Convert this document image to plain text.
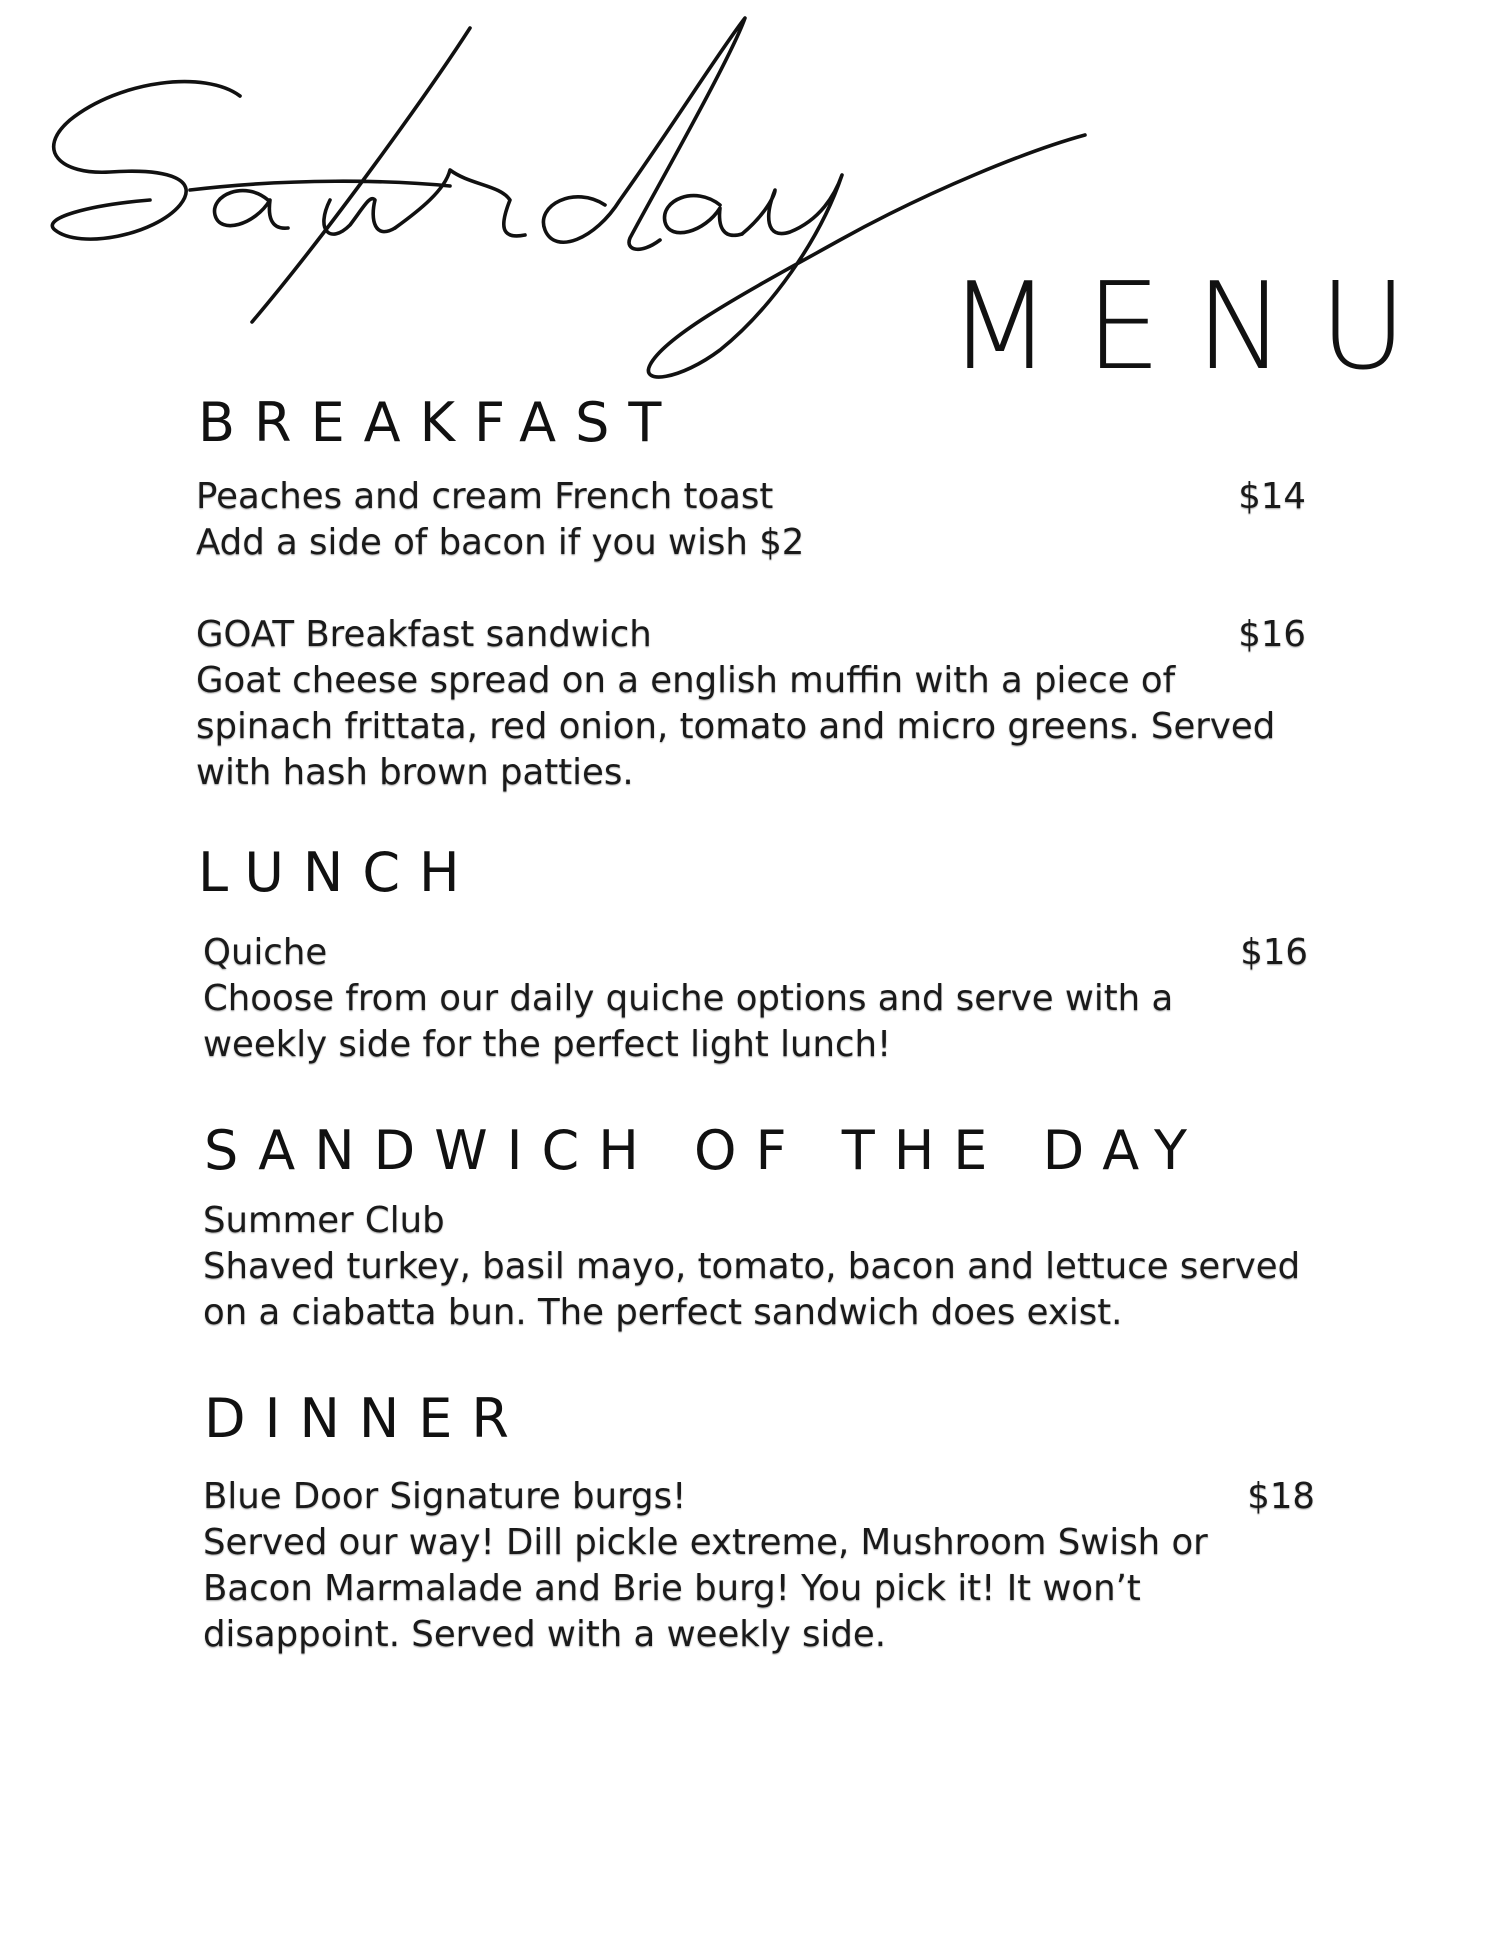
MENU
BREAKFAST
Peaches and cream French toast	$14

Add a side of bacon if you wish $2

GOAT Breakfast sandwich	$16

Goat cheese spread on a english muffin with a piece of spinach frittata, red onion, tomato and micro greens. Served with hash brown patties.

LUNCH
Quiche	$16

Choose from our daily quiche options and serve with a weekly side for the perfect light lunch!

SANDWICH OF THE DAY
Summer Club

Shaved turkey, basil mayo, tomato, bacon and lettuce served on a ciabatta bun. The perfect sandwich does exist.

DINNER
Blue Door Signature burgs!	$18

Served our way! Dill pickle extreme, Mushroom Swish or Bacon Marmalade and Brie burg! You pick it! It won’t disappoint. Served with a weekly side.
